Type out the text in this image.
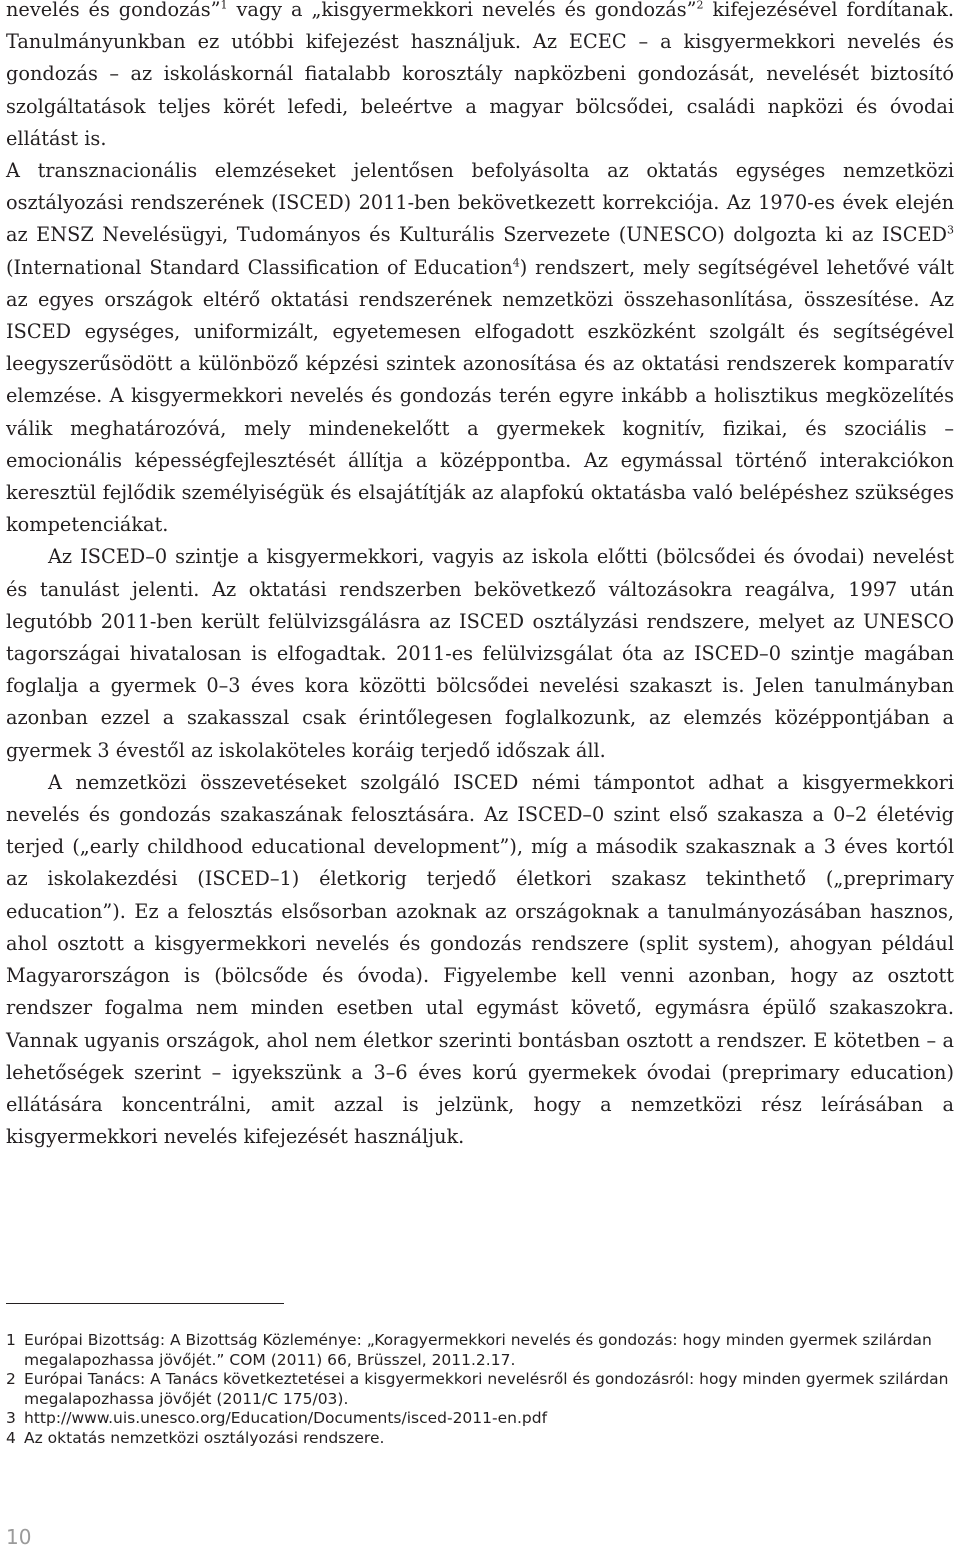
nevelés és gondozás”$^1$ vagy a „kisgyermekkori nevelés és gondozás”$^2$ kifejezésével fordítanak. Tanulmányunkban ez utóbbi kifejezést használjuk. Az ECEC – a kisgyermekkori nevelés és gondozás – az iskoláskornál fiatalabb korosztály napközbeni gondozását, nevelését biztosító szolgáltatások teljes körét lefedi, beleértve a magyar bölcsődei, családi napközi és óvodai ellátást is.

A transznacionális elemzéseket jelentősen befolyásolta az oktatás egységes nemzetközi osztályozási rendszerének (ISCED) 2011-ben bekövetkezett korrekciója. Az 1970-es évek elején az ENSZ Nevelésügyi, Tudományos és Kulturális Szervezete (UNESCO) dolgozta ki az ISCED$^3$ (International Standard Classification of Education$^4$) rendszert, mely segítségével lehetővé vált az egyes országok eltérő oktatási rendszerének nemzetközi összehasonlítása, összesítése. Az ISCED egységes, uniformizált, egyetemesen elfogadott eszközként szolgált és segítségével leegyszerűsödött a különböző képzési szintek azonosítása és az oktatási rendszerek komparatív elemzése. A kisgyermekkori nevelés és gondozás terén egyre inkább a holisztikus megközelítés válik meghatározóvá, mely mindenekelőtt a gyermekek kognitív, fizikai, és szociális – emocionális képességfejlesztését állítja a középpontba. Az egymással történő interakciókon keresztül fejlődik személyiségük és elsajátítják az alapfokú oktatásba való belépéshez szükséges kompetenciákat.

Az ISCED–0 szintje a kisgyermekkori, vagyis az iskola előtti (bölcsődei és óvodai) nevelést és tanulást jelenti. Az oktatási rendszerben bekövetkező változásokra reagálva, 1997 után legutóbb 2011-ben került felülvizsgálásra az ISCED osztályzási rendszere, melyet az UNESCO tagországai hivatalosan is elfogadtak. 2011-es felülvizsgálat óta az ISCED–0 szintje magában foglalja a gyermek 0–3 éves kora közötti bölcsődei nevelési szakaszt is. Jelen tanulmányban azonban ezzel a szakasszal csak érintőlegesen foglalkozunk, az elemzés középpontjában a gyermek 3 évestől az iskolaköteles koráig terjedő időszak áll.

A nemzetközi összevetéseket szolgáló ISCED némi támpontot adhat a kisgyermekkori nevelés és gondozás szakaszának felosztására. Az ISCED–0 szint első szakasza a 0–2 életévig terjed („early childhood educational development”), míg a második szakasznak a 3 éves kortól az iskolakezdési (ISCED–1) életkorig terjedő életkori szakasz tekinthető („preprimary education”). Ez a felosztás elsősorban azoknak az országoknak a tanulmányozásában hasznos, ahol osztott a kisgyermekkori nevelés és gondozás rendszere (split system), ahogyan például Magyarországon is (bölcsőde és óvoda). Figyelembe kell venni azonban, hogy az osztott rendszer fogalma nem minden esetben utal egymást követő, egymásra épülő szakaszokra. Vannak ugyanis országok, ahol nem életkor szerinti bontásban osztott a rendszer. E kötetben – a lehetőségek szerint – igyekszünk a 3–6 éves korú gyermekek óvodai (preprimary education) ellátására koncentrálni, amit azzal is jelzünk, hogy a nemzetközi rész leírásában a kisgyermekkori nevelés kifejezését használjuk.

1 Európai Bizottság: A Bizottság Közleménye: „Koragyermekkori nevelés és gondozás: hogy minden gyermek szilárdan megalapozhassa jövőjét.” COM (2011) 66, Brüsszel, 2011.2.17.
2 Európai Tanács: A Tanács következtetései a kisgyermekkori nevelésről és gondozásról: hogy minden gyermek szilárdan megalapozhassa jövőjét (2011/C 175/03).
3 http://www.uis.unesco.org/Education/Documents/isced-2011-en.pdf
4 Az oktatás nemzetközi osztályozási rendszere.
10
